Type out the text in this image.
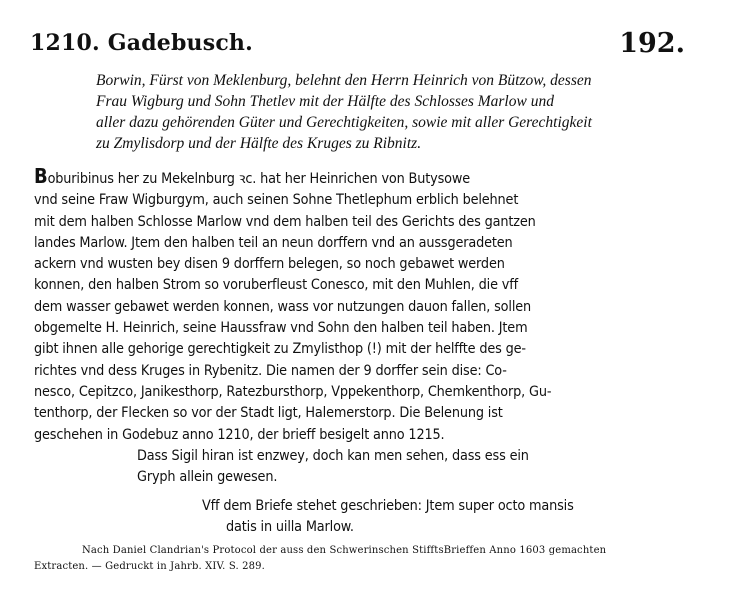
1210. Gadebusch.	192.
Borwin, Fürst von Meklenburg, belehnt den Herrn Heinrich von Bützow, dessen
Frau Wigburg und Sohn Thetlev mit der Hälfte des Schlosses Marlow und
aller dazu gehörenden Güter und Gerechtigkeiten, sowie mit aller Gerechtigkeit
zu Zmylisdorp und der Hälfte des Kruges zu Ribnitz.
Boburibinus her zu Mekelnburg ꝛc. hat her Heinrichen von Butysowe
vnd seine Fraw Wigburgym, auch seinen Sohne Thetlephum erblich belehnet
mit dem halben Schlosse Marlow vnd dem halben teil des Gerichts des gantzen
landes Marlow. Jtem den halben teil an neun dorffern vnd an aussgeradeten
ackern vnd wusten bey disen 9 dorffern belegen, so noch gebawet werden
konnen, den halben Strom so voruberfleust Conesco, mit den Muhlen, die vff
dem wasser gebawet werden konnen, wass vor nutzungen dauon fallen, sollen
obgemelte H. Heinrich, seine Haussfraw vnd Sohn den halben teil haben. Jtem
gibt ihnen alle gehorige gerechtigkeit zu Zmylisthop (!) mit der helffte des ge-
richtes vnd dess Kruges in Rybenitz. Die namen der 9 dorffer sein dise: Co-
nesco, Cepitzco, Janikesthorp, Ratezbursthorp, Vppekenthorp, Chemkenthorp, Gu-
tenthorp, der Flecken so vor der Stadt ligt, Halemerstorp. Die Belenung ist
geschehen in Godebuz anno 1210, der brieff besigelt anno 1215.
Dass Sigil hiran ist enzwey, doch kan men sehen, dass ess ein
Gryph allein gewesen.
Vff dem Briefe stehet geschrieben: Jtem super octo mansis
datis in uilla Marlow.
Nach Daniel Clandrian's Protocol der auss den Schwerinschen StifftsBrieffen Anno 1603 gemachten
Extracten. — Gedruckt in Jahrb. XIV. S. 289.
